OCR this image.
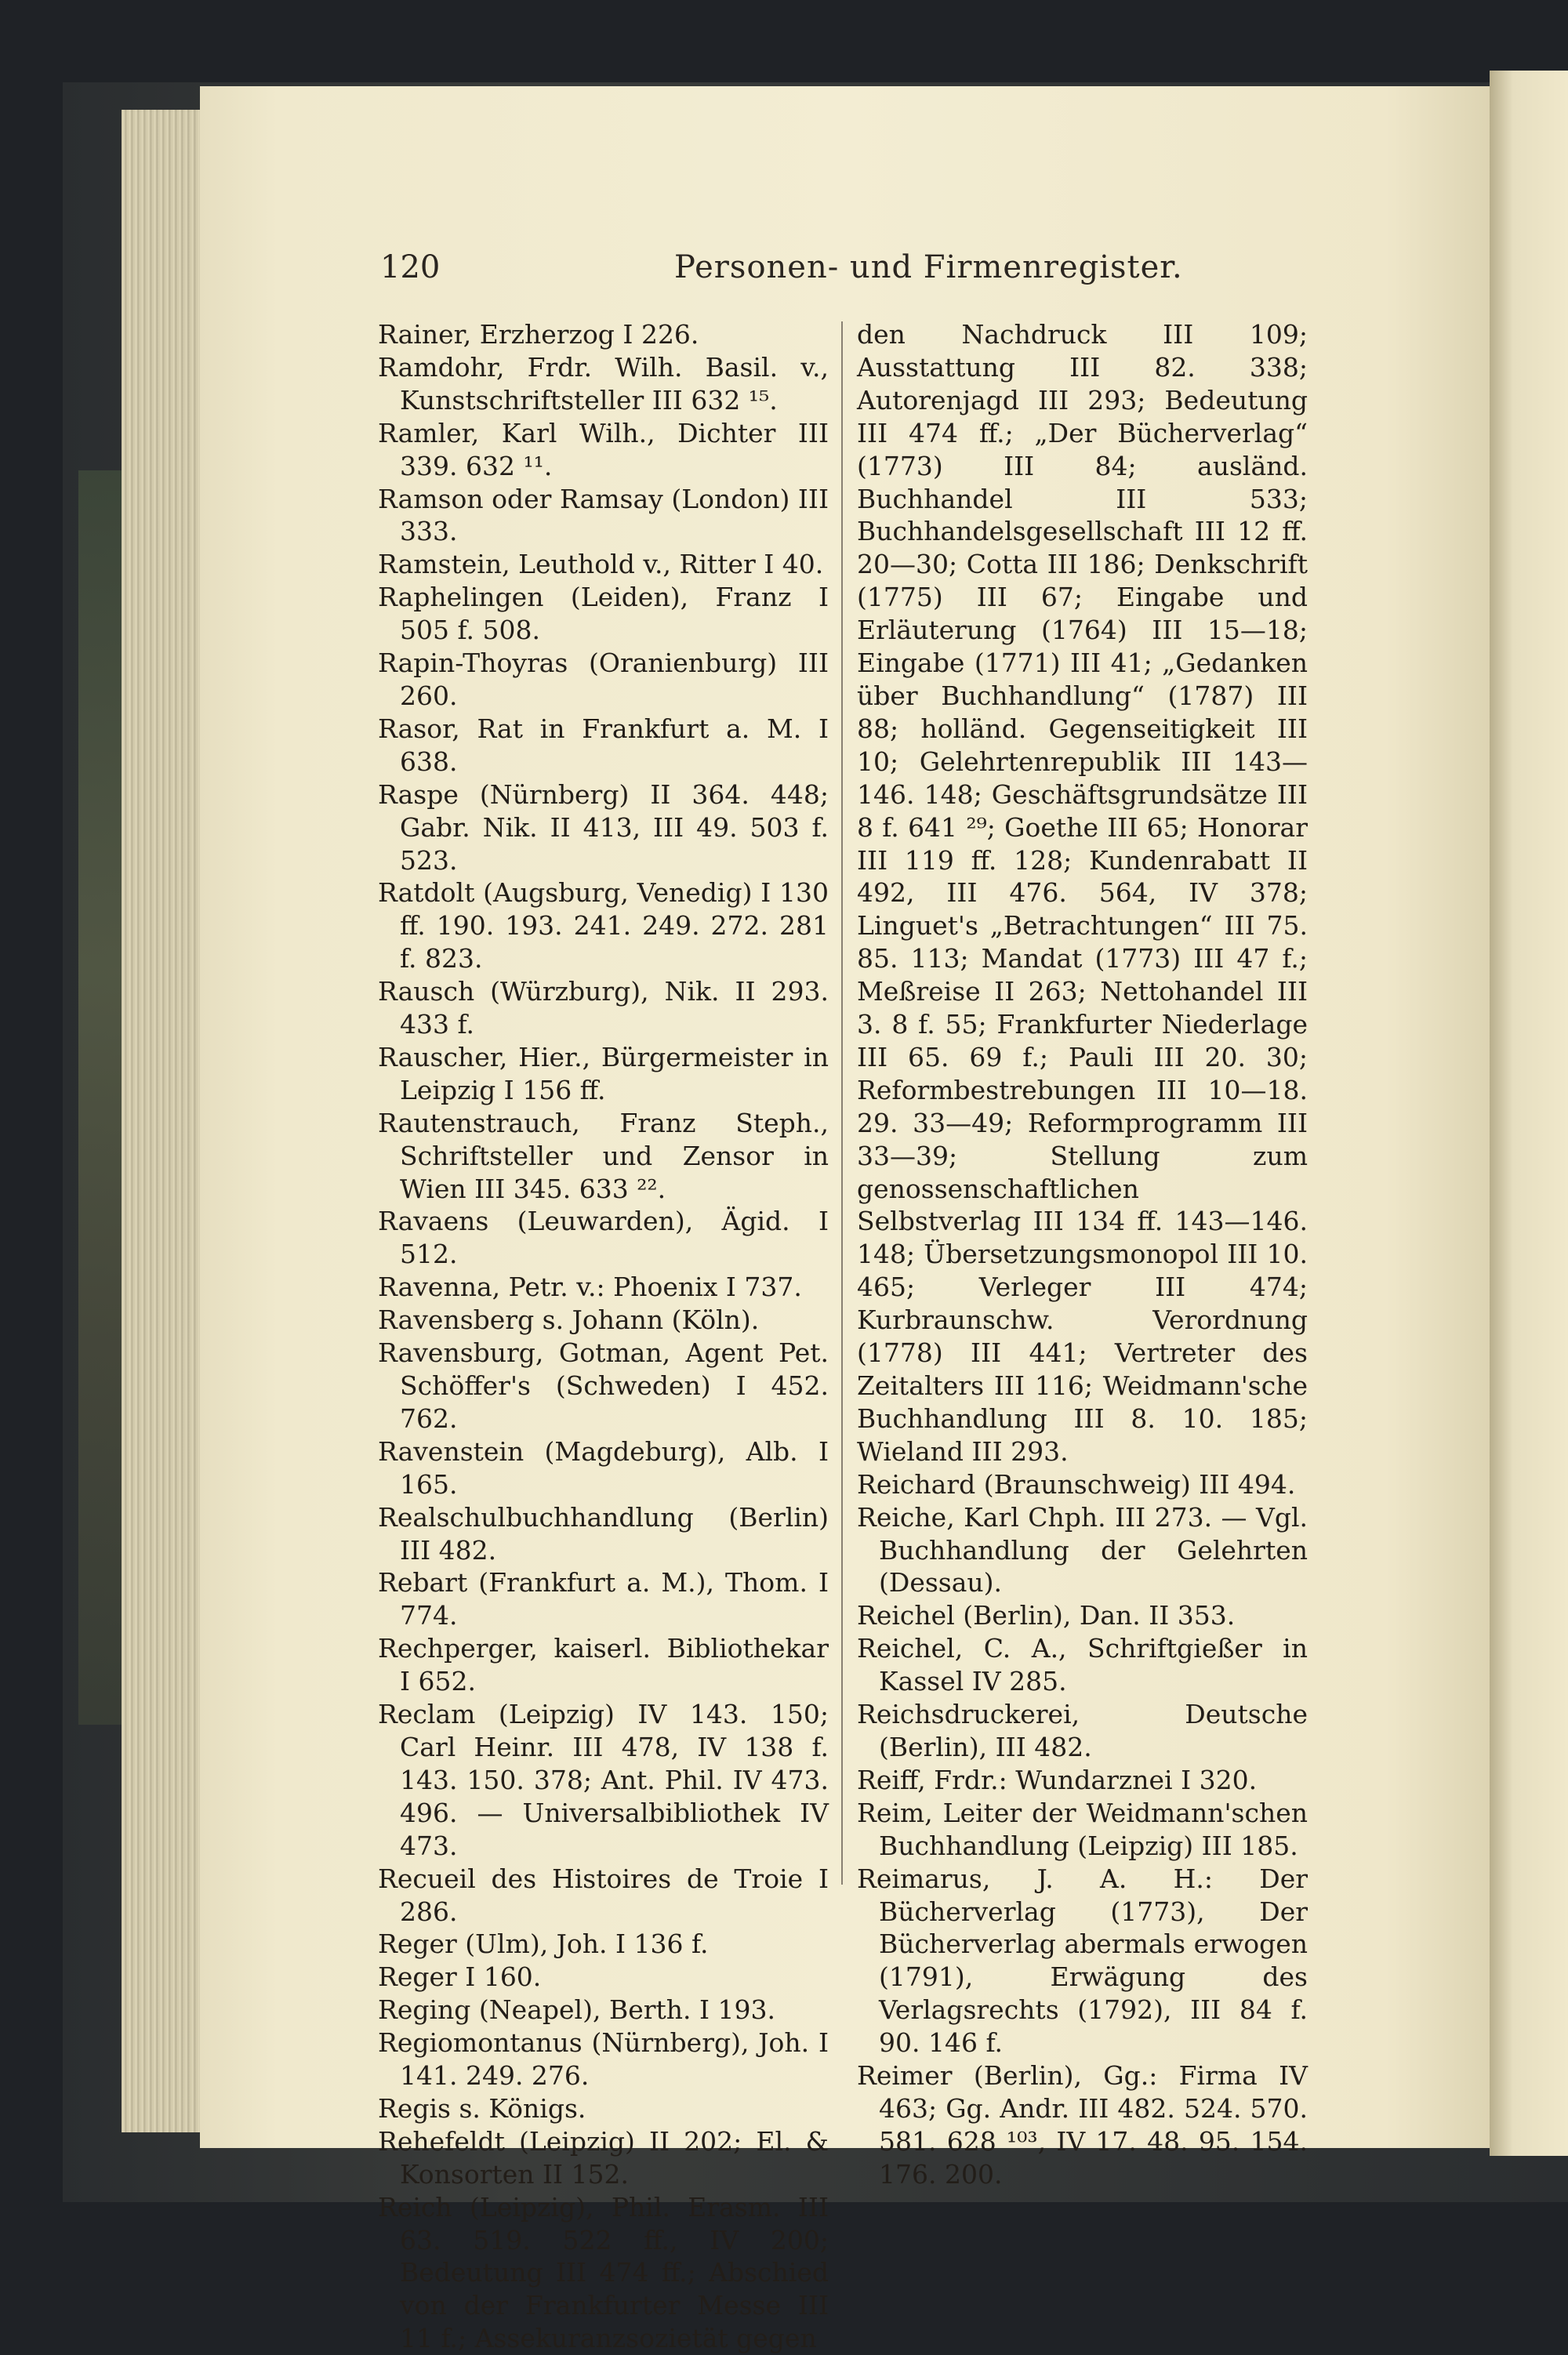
120	Personen- und Firmenregister.
Rainer, Erzherzog I 226.
Ramdohr, Frdr. Wilh. Basil. v., Kunstschriftsteller III 632 ¹⁵.
Ramler, Karl Wilh., Dichter III 339. 632 ¹¹.
Ramson oder Ramsay (London) III 333.
Ramstein, Leuthold v., Ritter I 40.
Raphelingen (Leiden), Franz I 505 f. 508.
Rapin-Thoyras (Oranienburg) III 260.
Rasor, Rat in Frankfurt a. M. I 638.
Raspe (Nürnberg) II 364. 448; Gabr. Nik. II 413, III 49. 503 f. 523.
Ratdolt (Augsburg, Venedig) I 130 ff. 190. 193. 241. 249. 272. 281 f. 823.
Rausch (Würzburg), Nik. II 293. 433 f.
Rauscher, Hier., Bürgermeister in Leipzig I 156 ff.
Rautenstrauch, Franz Steph., Schriftsteller und Zensor in Wien III 345. 633 ²².
Ravaens (Leuwarden), Ägid. I 512.
Ravenna, Petr. v.: Phoenix I 737.
Ravensberg s. Johann (Köln).
Ravensburg, Gotman, Agent Pet. Schöffer's (Schweden) I 452. 762.
Ravenstein (Magdeburg), Alb. I 165.
Realschulbuchhandlung (Berlin) III 482.
Rebart (Frankfurt a. M.), Thom. I 774.
Rechperger, kaiserl. Bibliothekar I 652.
Reclam (Leipzig) IV 143. 150; Carl Heinr. III 478, IV 138 f. 143. 150. 378; Ant. Phil. IV 473. 496. — Universalbibliothek IV 473.
Recueil des Histoires de Troie I 286.
Reger (Ulm), Joh. I 136 f.
Reger I 160.
Reging (Neapel), Berth. I 193.
Regiomontanus (Nürnberg), Joh. I 141. 249. 276.
Regis s. Königs.
Rehefeldt (Leipzig) II 202; El. & Konsorten II 152.
Reich (Leipzig), Phil. Erasm. III 63. 519. 522 ff., IV 200; Bedeutung III 474 ff.; Abschied von der Frankfurter Messe III 11 f.; Assekuranzsozietät gegen
den Nachdruck III 109; Ausstattung III 82. 338; Autorenjagd III 293; Bedeutung III 474 ff.; „Der Bücherverlag“ (1773) III 84; ausländ. Buchhandel III 533; Buchhandelsgesellschaft III 12 ff. 20—30; Cotta III 186; Denkschrift (1775) III 67; Eingabe und Erläuterung (1764) III 15—18; Eingabe (1771) III 41; „Gedanken über Buchhandlung“ (1787) III 88; holländ. Gegenseitigkeit III 10; Gelehrtenrepublik III 143—146. 148; Geschäftsgrundsätze III 8 f. 641 ²⁹; Goethe III 65; Honorar III 119 ff. 128; Kundenrabatt II 492, III 476. 564, IV 378; Linguet's „Betrachtungen“ III 75. 85. 113; Mandat (1773) III 47 f.; Meßreise II 263; Nettohandel III 3. 8 f. 55; Frankfurter Niederlage III 65. 69 f.; Pauli III 20. 30; Reformbestrebungen III 10—18. 29. 33—49; Reformprogramm III 33—39; Stellung zum genossenschaftlichen Selbstverlag III 134 ff. 143—146. 148; Übersetzungsmonopol III 10. 465; Verleger III 474; Kurbraunschw. Verordnung (1778) III 441; Vertreter des Zeitalters III 116; Weidmann'sche Buchhandlung III 8. 10. 185; Wieland III 293.
Reichard (Braunschweig) III 494.
Reiche, Karl Chph. III 273. — Vgl. Buchhandlung der Gelehrten (Dessau).
Reichel (Berlin), Dan. II 353.
Reichel, C. A., Schriftgießer in Kassel IV 285.
Reichsdruckerei, Deutsche (Berlin), III 482.
Reiff, Frdr.: Wundarznei I 320.
Reim, Leiter der Weidmann'schen Buchhandlung (Leipzig) III 185.
Reimarus, J. A. H.: Der Bücherverlag (1773), Der Bücherverlag abermals erwogen (1791), Erwägung des Verlagsrechts (1792), III 84 f. 90. 146 f.
Reimer (Berlin), Gg.: Firma IV 463; Gg. Andr. III 482. 524. 570. 581. 628 ¹⁰³, IV 17. 48. 95. 154. 176. 200.
